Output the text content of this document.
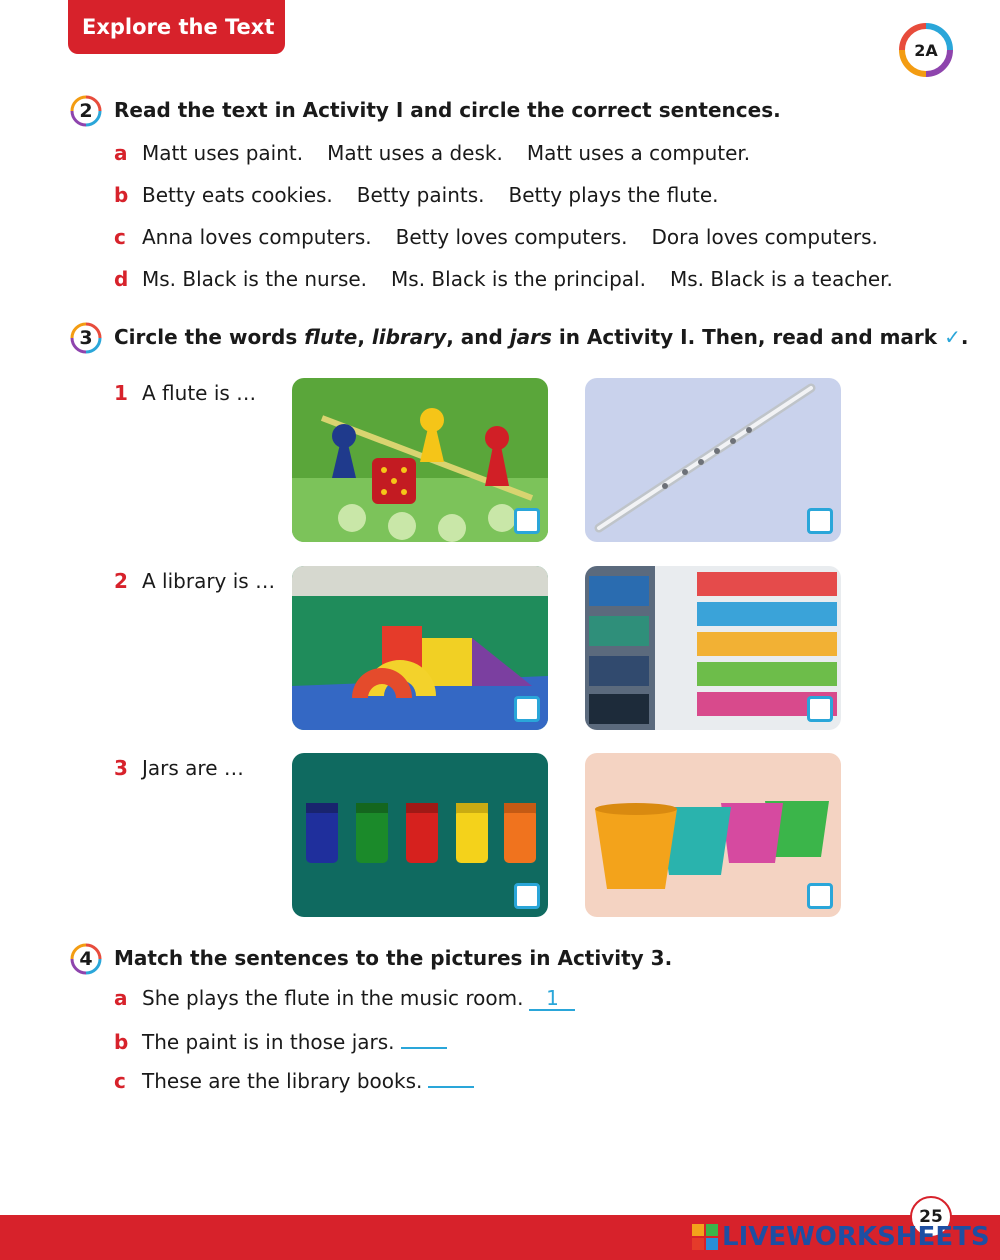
Explore the Text
2A
2	Read the text in Activity I and circle the correct sentences.
a Matt uses paint. Matt uses a desk. Matt uses a computer.
b Betty eats cookies. Betty paints. Betty plays the flute.
c Anna loves computers. Betty loves computers. Dora loves computers.
d Ms. Black is the nurse. Ms. Black is the principal. Ms. Black is a teacher.
3	Circle the words flute, library, and jars in Activity I. Then, read and mark ✓.
1 A flute is …
2 A library is …
3 Jars are …
4	Match the sentences to the pictures in Activity 3.
a She plays the flute in the music room. 1
b The paint is in those jars.
c These are the library books.
25
LIVEWORKSHEETS
